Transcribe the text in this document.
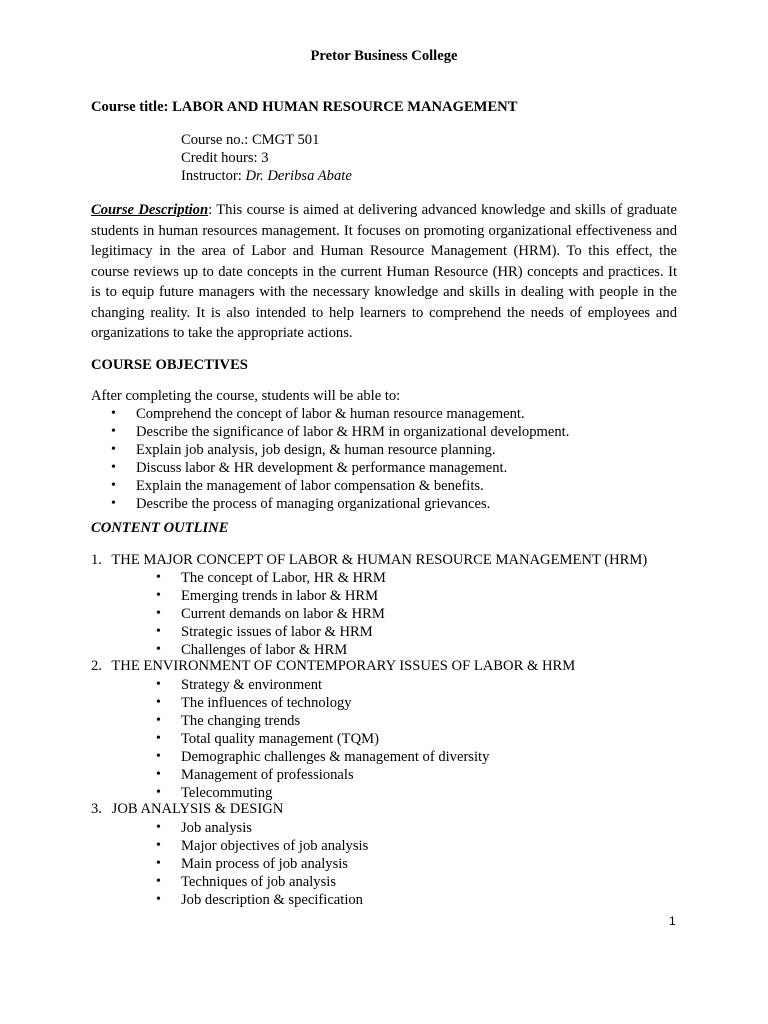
Pretor Business College
Course title: LABOR AND HUMAN RESOURCE MANAGEMENT
Course no.: CMGT 501
Credit hours: 3
Instructor: Dr. Deribsa Abate
Course Description: This course is aimed at delivering advanced knowledge and skills of graduate students in human resources management. It focuses on promoting organizational effectiveness and legitimacy in the area of Labor and Human Resource Management (HRM). To this effect, the course reviews up to date concepts in the current Human Resource (HR) concepts and practices. It is to equip future managers with the necessary knowledge and skills in dealing with people in the changing reality. It is also intended to help learners to comprehend the needs of employees and organizations to take the appropriate actions.
COURSE OBJECTIVES
After completing the course, students will be able to:
• Comprehend the concept of labor & human resource management.
• Describe the significance of labor & HRM in organizational development.
• Explain job analysis, job design, & human resource planning.
• Discuss labor & HR development & performance management.
• Explain the management of labor compensation & benefits.
• Describe the process of managing organizational grievances.
CONTENT OUTLINE
1. THE MAJOR CONCEPT OF LABOR & HUMAN RESOURCE MANAGEMENT (HRM)
• The concept of Labor, HR & HRM
• Emerging trends in labor & HRM
• Current demands on labor & HRM
• Strategic issues of labor & HRM
• Challenges of labor & HRM
2. THE ENVIRONMENT OF CONTEMPORARY ISSUES OF LABOR & HRM
• Strategy & environment
• The influences of technology
• The changing trends
• Total quality management (TQM)
• Demographic challenges & management of diversity
• Management of professionals
• Telecommuting
3. JOB ANALYSIS & DESIGN
• Job analysis
• Major objectives of job analysis
• Main process of job analysis
• Techniques of job analysis
• Job description & specification
1
